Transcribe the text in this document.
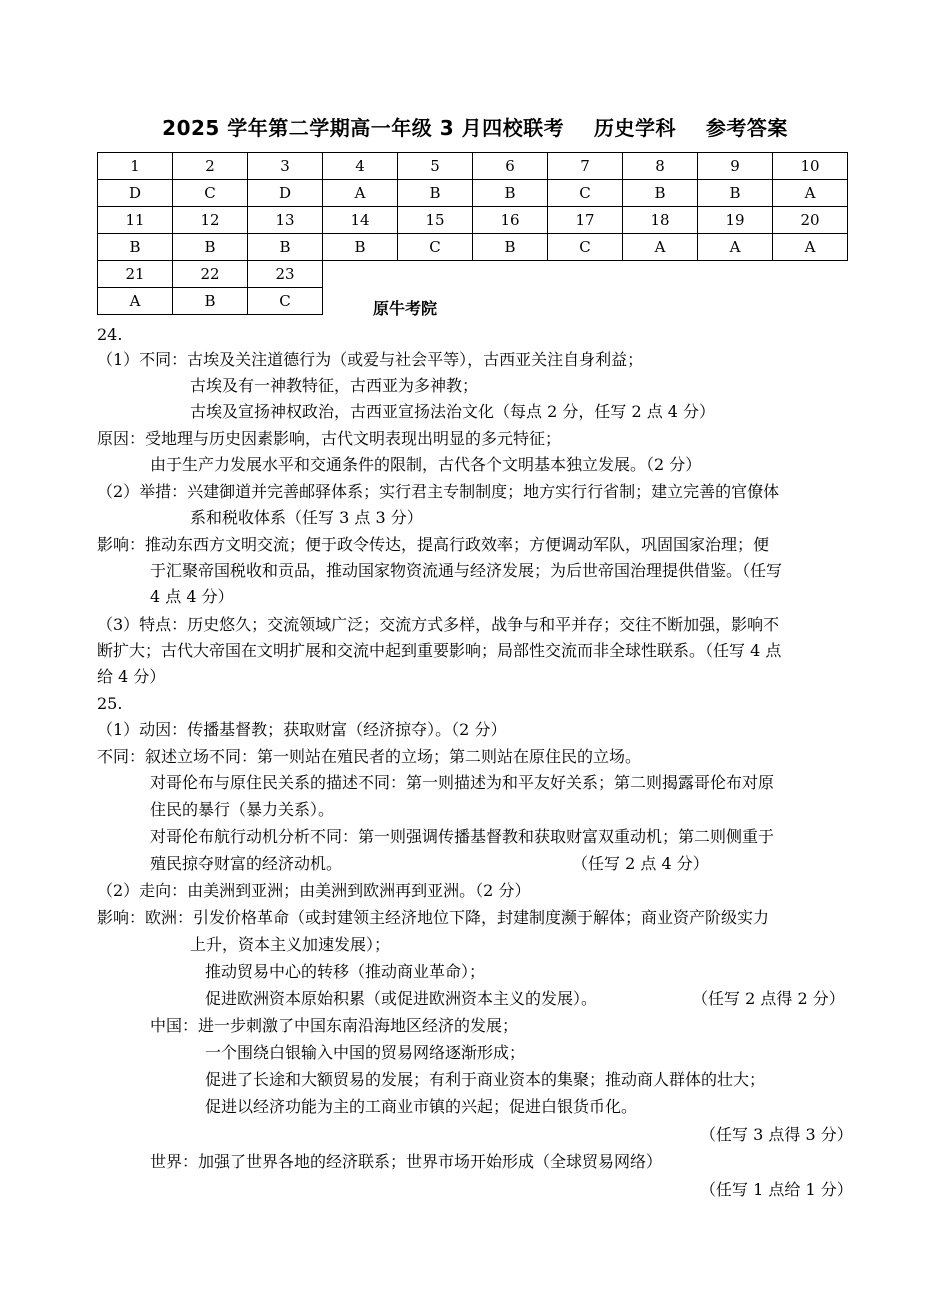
2025 学年第二学期高一年级 3 月四校联考    历史学科    参考答案
1	2	3	4	5	6	7	8	9	10
D	C	D	A	B	B	C	B	B	A
11	12	13	14	15	16	17	18	19	20
B	B	B	B	C	B	C	A	A	A
21	22	23							
A	B	C								原牛考院
24.
（1）不同：古埃及关注道德行为（或爱与社会平等），古西亚关注自身利益；
古埃及有一神教特征，古西亚为多神教；
古埃及宣扬神权政治，古西亚宣扬法治文化（每点 2 分，任写 2 点 4 分）
原因：受地理与历史因素影响，古代文明表现出明显的多元特征；
由于生产力发展水平和交通条件的限制，古代各个文明基本独立发展。（2 分）
（2）举措：兴建御道并完善邮驿体系；实行君主专制制度；地方实行行省制；建立完善的官僚体
系和税收体系（任写 3 点 3 分）
影响：推动东西方文明交流；便于政令传达，提高行政效率；方便调动军队，巩固国家治理；便
于汇聚帝国税收和贡品，推动国家物资流通与经济发展；为后世帝国治理提供借鉴。（任写
4 点 4 分）
（3）特点：历史悠久；交流领域广泛；交流方式多样，战争与和平并存；交往不断加强，影响不
断扩大；古代大帝国在文明扩展和交流中起到重要影响；局部性交流而非全球性联系。（任写 4 点
给 4 分）
25.
（1）动因：传播基督教；获取财富（经济掠夺）。（2 分）
不同：叙述立场不同：第一则站在殖民者的立场；第二则站在原住民的立场。
对哥伦布与原住民关系的描述不同：第一则描述为和平友好关系；第二则揭露哥伦布对原
住民的暴行（暴力关系）。
对哥伦布航行动机分析不同：第一则强调传播基督教和获取财富双重动机；第二则侧重于
殖民掠夺财富的经济动机。	（任写 2 点 4 分）
（2）走向：由美洲到亚洲；由美洲到欧洲再到亚洲。（2 分）
影响：欧洲：引发价格革命（或封建领主经济地位下降，封建制度濒于解体；商业资产阶级实力
上升，资本主义加速发展）；
推动贸易中心的转移（推动商业革命）；
促进欧洲资本原始积累（或促进欧洲资本主义的发展）。	（任写 2 点得 2 分）
中国：进一步刺激了中国东南沿海地区经济的发展；
一个围绕白银输入中国的贸易网络逐渐形成；
促进了长途和大额贸易的发展；有利于商业资本的集聚；推动商人群体的壮大；
促进以经济功能为主的工商业市镇的兴起；促进白银货币化。
（任写 3 点得 3 分）
世界：加强了世界各地的经济联系；世界市场开始形成（全球贸易网络）
（任写 1 点给 1 分）
